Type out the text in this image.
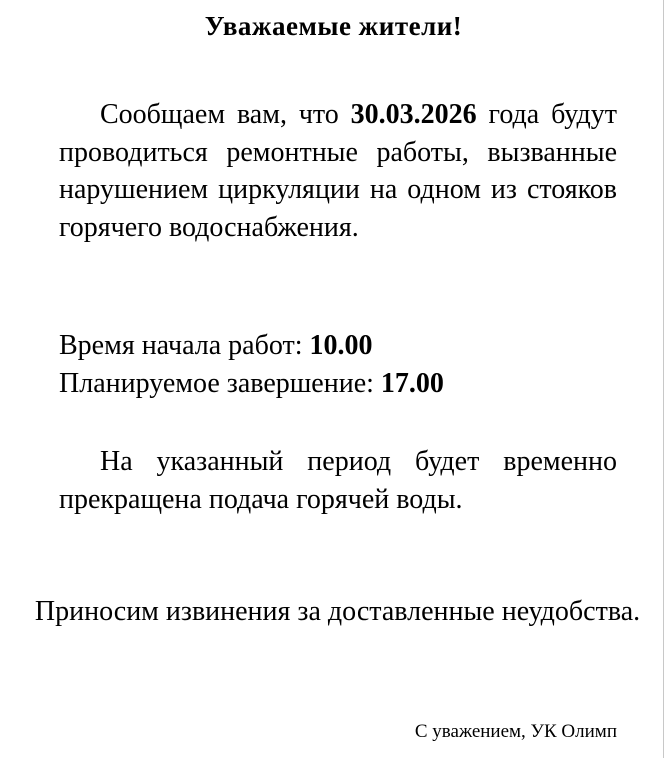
Уважаемые жители!

Сообщаем вам, что 30.03.2026 года будут проводиться ремонтные работы, вызванные нарушением циркуляции на одном из стояков горячего водоснабжения.

Время начала работ: 10.00
Планируемое завершение: 17.00

На указанный период будет временно прекращена подача горячей воды.

Приносим извинения за доставленные неудобства.
С уважением, УК Олимп
